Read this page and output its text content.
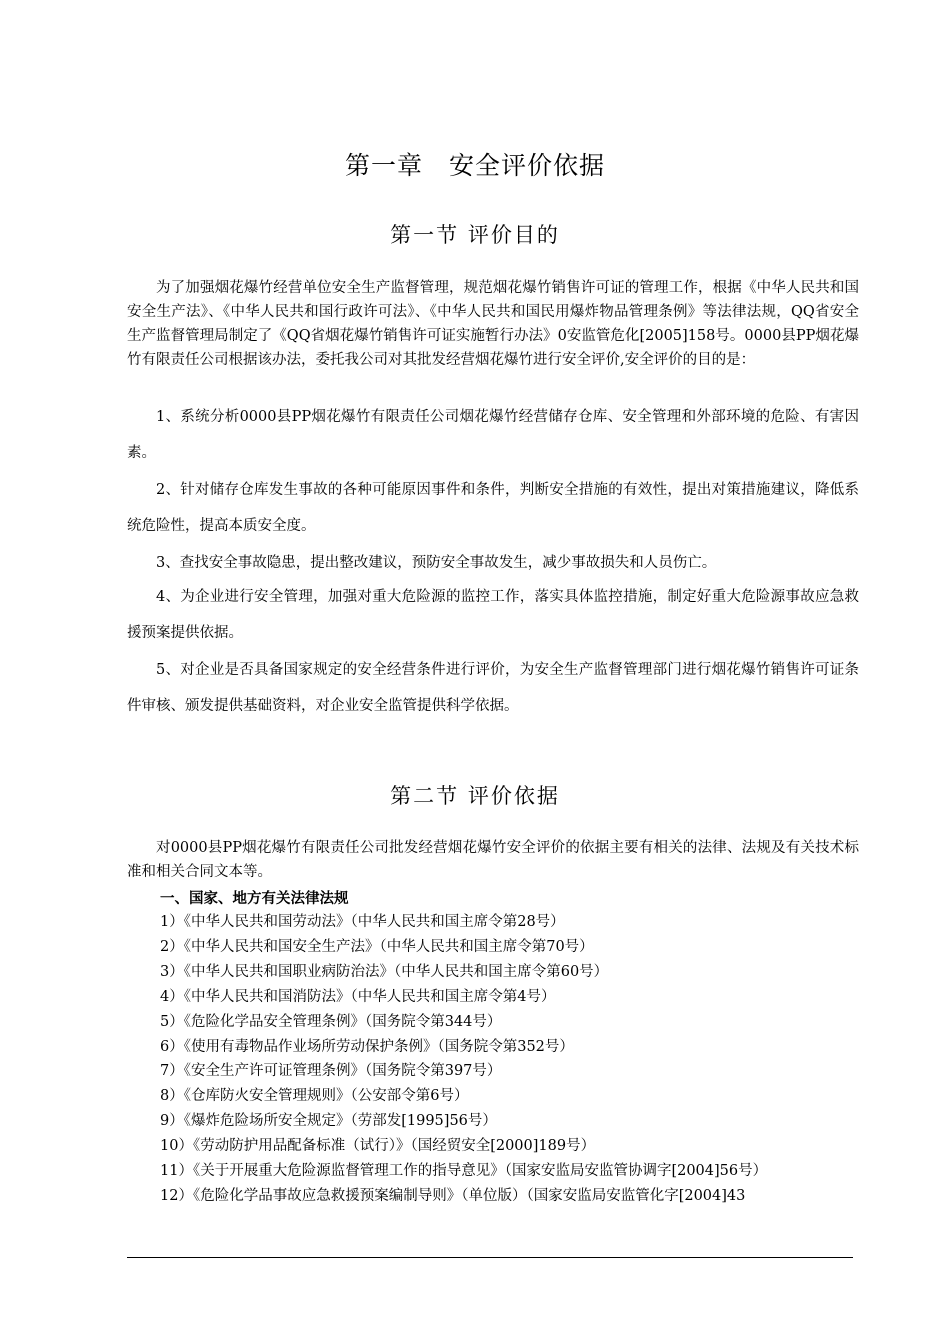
第一章　安全评价依据
第一节 评价目的

为了加强烟花爆竹经营单位安全生产监督管理，规范烟花爆竹销售许可证的管理工作，根据《中华人民共和国安全生产法》、《中华人民共和国行政许可法》、《中华人民共和国民用爆炸物品管理条例》等法律法规，QQ省安全生产监督管理局制定了《QQ省烟花爆竹销售许可证实施暂行办法》0安监管危化[2005]158号。0000县PP烟花爆竹有限责任公司根据该办法，委托我公司对其批发经营烟花爆竹进行安全评价,安全评价的目的是：

1、系统分析0000县PP烟花爆竹有限责任公司烟花爆竹经营储存仓库、安全管理和外部环境的危险、有害因素。

2、针对储存仓库发生事故的各种可能原因事件和条件，判断安全措施的有效性，提出对策措施建议，降低系统危险性，提高本质安全度。

3、查找安全事故隐患，提出整改建议，预防安全事故发生，减少事故损失和人员伤亡。

4、为企业进行安全管理，加强对重大危险源的监控工作，落实具体监控措施，制定好重大危险源事故应急救援预案提供依据。

5、对企业是否具备国家规定的安全经营条件进行评价，为安全生产监督管理部门进行烟花爆竹销售许可证条件审核、颁发提供基础资料，对企业安全监管提供科学依据。

第二节 评价依据

对0000县PP烟花爆竹有限责任公司批发经营烟花爆竹安全评价的依据主要有相关的法律、法规及有关技术标准和相关合同文本等。

一、国家、地方有关法律法规
1）《中华人民共和国劳动法》（中华人民共和国主席令第28号）
2）《中华人民共和国安全生产法》（中华人民共和国主席令第70号）
3）《中华人民共和国职业病防治法》（中华人民共和国主席令第60号）
4）《中华人民共和国消防法》（中华人民共和国主席令第4号）
5）《危险化学品安全管理条例》（国务院令第344号）
6）《使用有毒物品作业场所劳动保护条例》（国务院令第352号）
7）《安全生产许可证管理条例》（国务院令第397号）
8）《仓库防火安全管理规则》（公安部令第6号）
9）《爆炸危险场所安全规定》（劳部发[1995]56号）
10）《劳动防护用品配备标准（试行）》（国经贸安全[2000]189号）
11）《关于开展重大危险源监督管理工作的指导意见》（国家安监局安监管协调字[2004]56号）
12）《危险化学品事故应急救援预案编制导则》（单位版）（国家安监局安监管化字[2004]43
